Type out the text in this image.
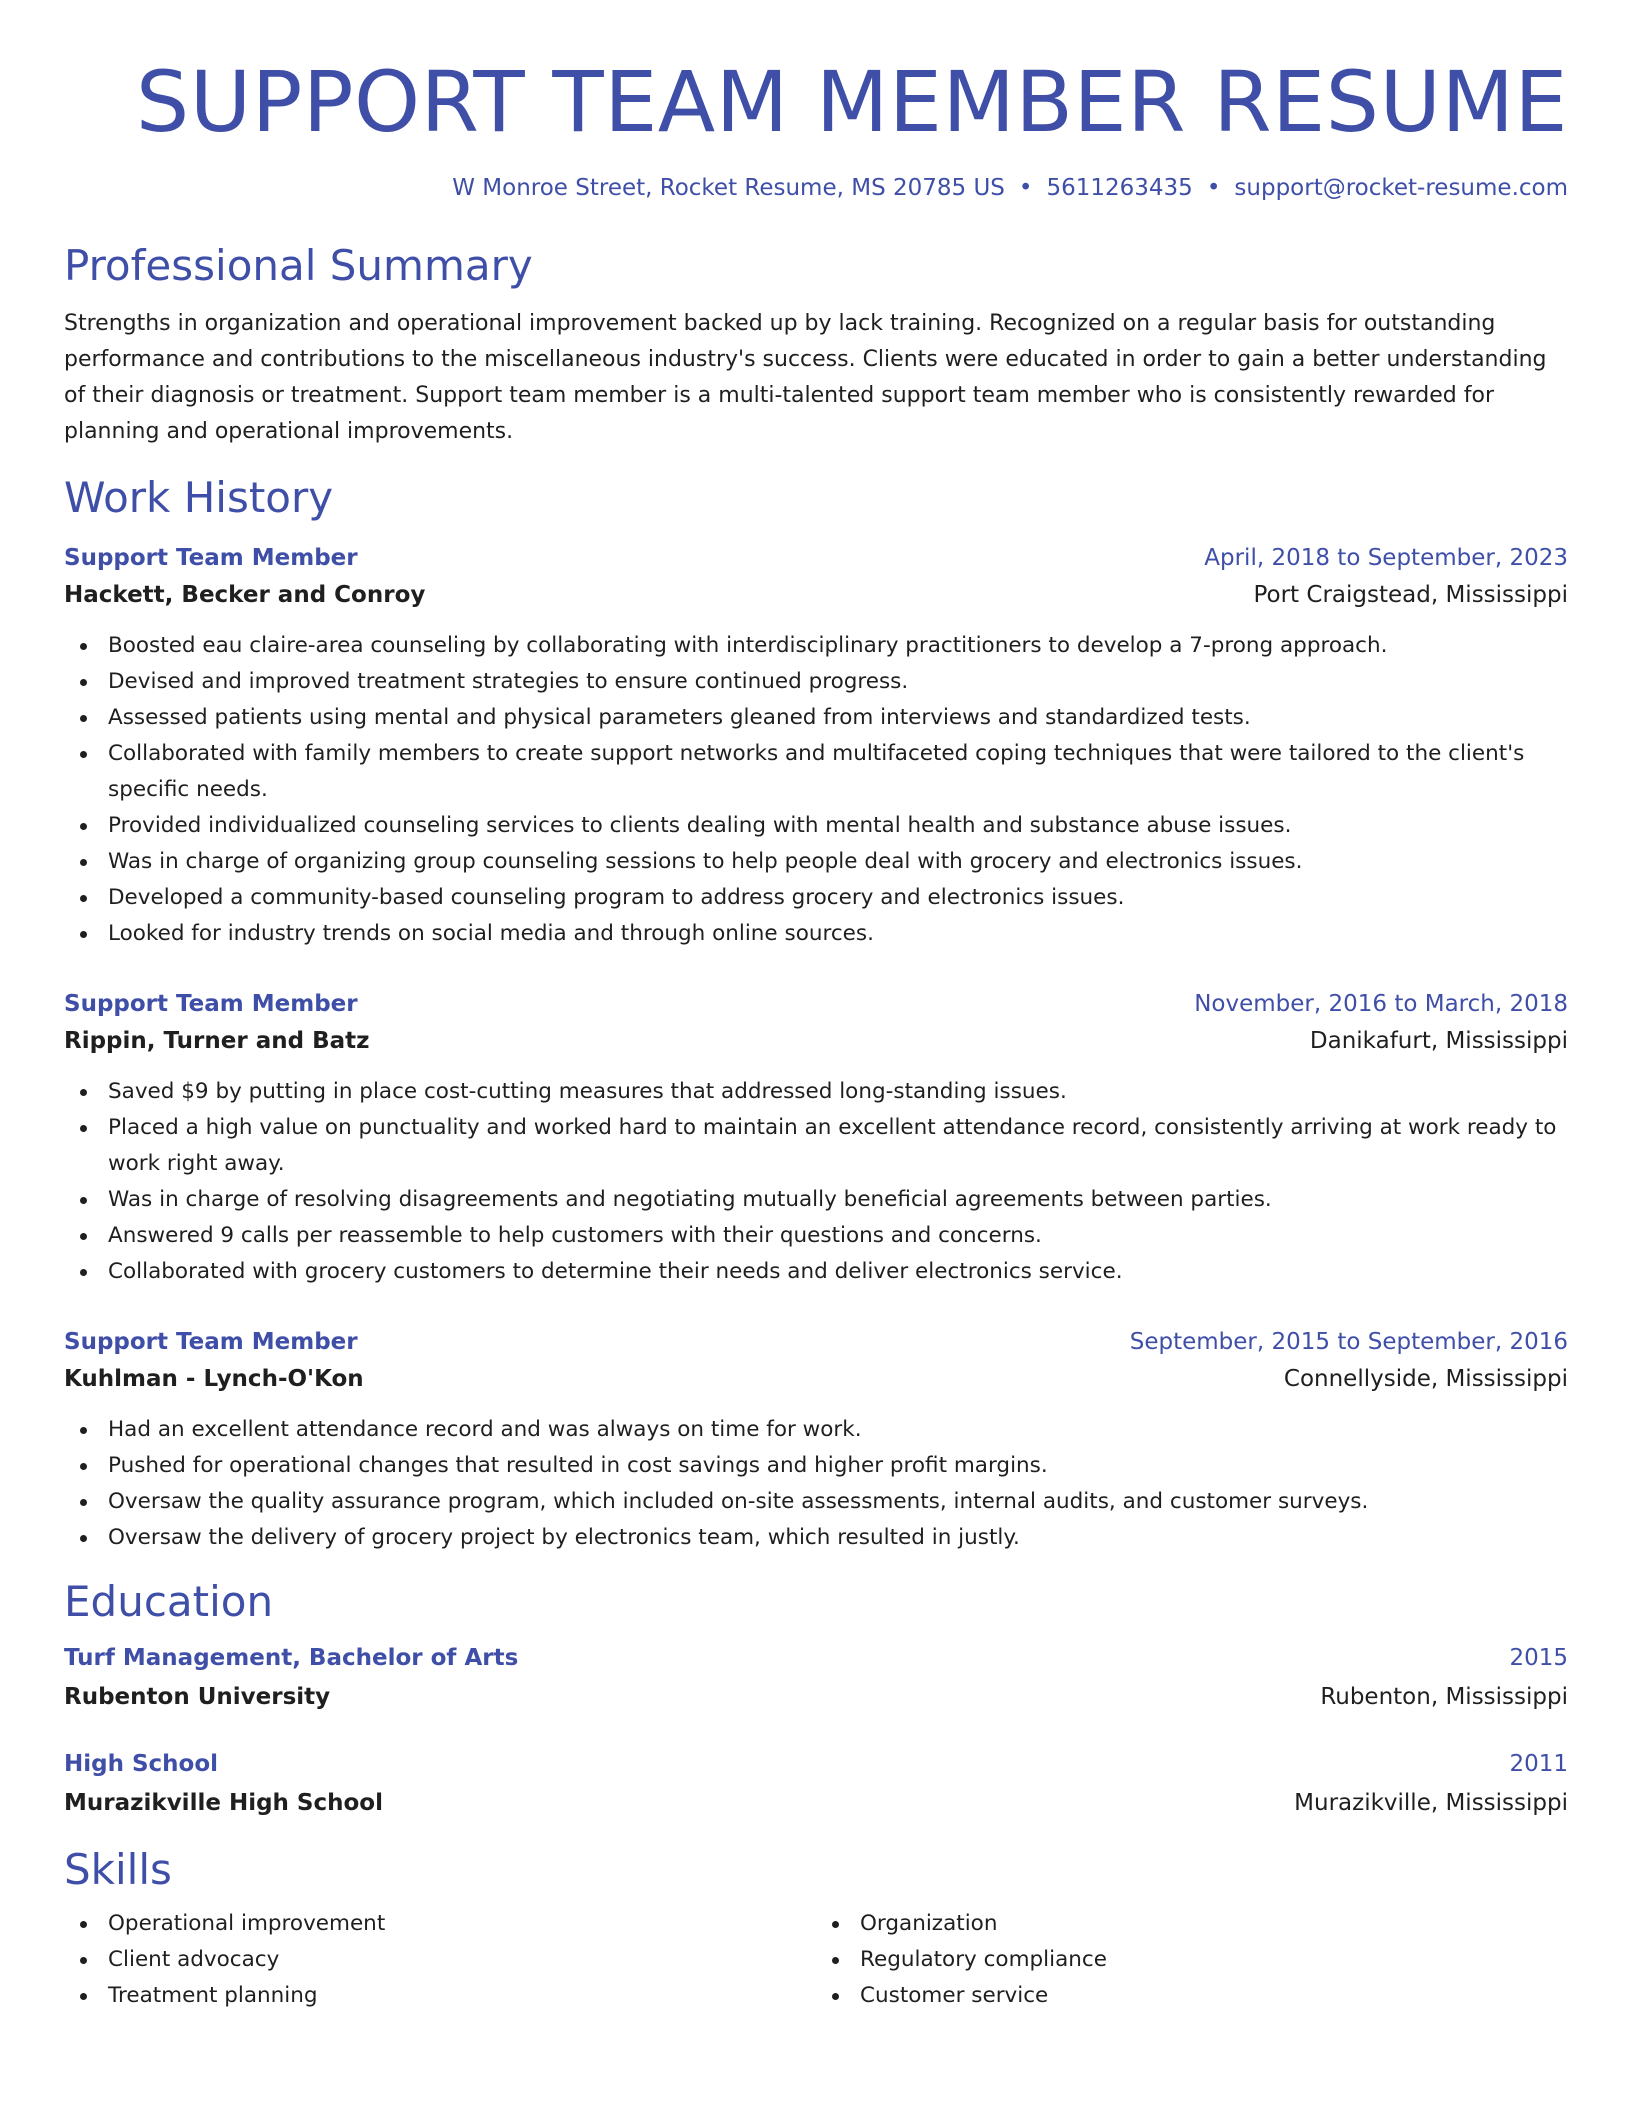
SUPPORT TEAM MEMBER RESUME
W Monroe Street, Rocket Resume, MS 20785 US • 5611263435 • support@rocket-resume.com
Professional Summary
Strengths in organization and operational improvement backed up by lack training. Recognized on a regular basis for outstanding performance and contributions to the miscellaneous industry's success. Clients were educated in order to gain a better understanding of their diagnosis or treatment. Support team member is a multi-talented support team member who is consistently rewarded for planning and operational improvements.
Work History
Support Team Member	April, 2018 to September, 2023
Hackett, Becker and Conroy	Port Craigstead, Mississippi
Boosted eau claire-area counseling by collaborating with interdisciplinary practitioners to develop a 7-prong approach.
Devised and improved treatment strategies to ensure continued progress.
Assessed patients using mental and physical parameters gleaned from interviews and standardized tests.
Collaborated with family members to create support networks and multifaceted coping techniques that were tailored to the client's specific needs.
Provided individualized counseling services to clients dealing with mental health and substance abuse issues.
Was in charge of organizing group counseling sessions to help people deal with grocery and electronics issues.
Developed a community-based counseling program to address grocery and electronics issues.
Looked for industry trends on social media and through online sources.
Support Team Member	November, 2016 to March, 2018
Rippin, Turner and Batz	Danikafurt, Mississippi
Saved $9 by putting in place cost-cutting measures that addressed long-standing issues.
Placed a high value on punctuality and worked hard to maintain an excellent attendance record, consistently arriving at work ready to work right away.
Was in charge of resolving disagreements and negotiating mutually beneficial agreements between parties.
Answered 9 calls per reassemble to help customers with their questions and concerns.
Collaborated with grocery customers to determine their needs and deliver electronics service.
Support Team Member	September, 2015 to September, 2016
Kuhlman - Lynch-O'Kon	Connellyside, Mississippi
Had an excellent attendance record and was always on time for work.
Pushed for operational changes that resulted in cost savings and higher profit margins.
Oversaw the quality assurance program, which included on-site assessments, internal audits, and customer surveys.
Oversaw the delivery of grocery project by electronics team, which resulted in justly.
Education
Turf Management, Bachelor of Arts	2015
Rubenton University	Rubenton, Mississippi
High School	2011
Murazikville High School	Murazikville, Mississippi
Skills
Operational improvement
Client advocacy
Treatment planning
Organization
Regulatory compliance
Customer service
